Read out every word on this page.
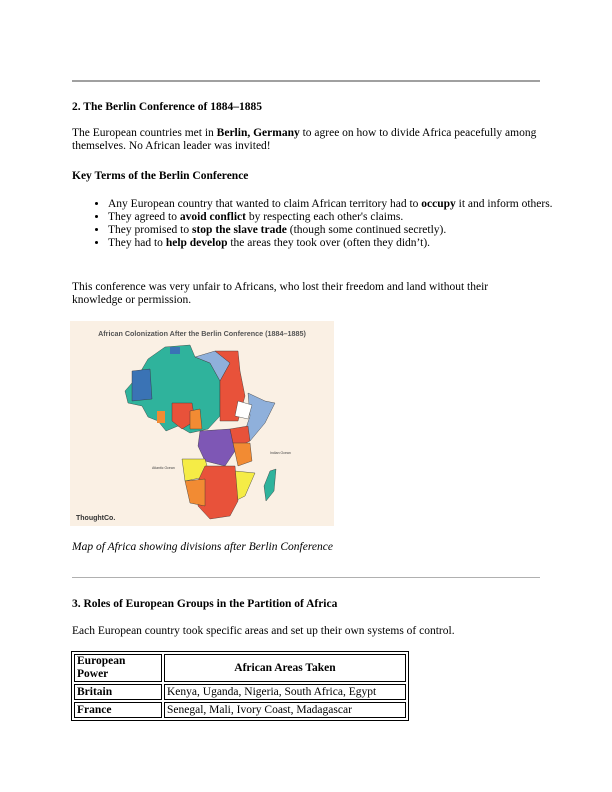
2. The Berlin Conference of 1884–1885

The European countries met in Berlin, Germany to agree on how to divide Africa peacefully among themselves. No African leader was invited!

Key Terms of the Berlin Conference
• Any European country that wanted to claim African territory had to occupy it and inform others.
• They agreed to avoid conflict by respecting each other's claims.
• They promised to stop the slave trade (though some continued secretly).
• They had to help develop the areas they took over (often they didn’t).

This conference was very unfair to Africans, who lost their freedom and land without their knowledge or permission.

African Colonization After the Berlin Conference (1884–1885)
Atlantic Ocean
Indian Ocean
ThoughtCo.

Map of Africa showing divisions after Berlin Conference

3. Roles of European Groups in the Partition of Africa

Each European country took specific areas and set up their own systems of control.

European Power	African Areas Taken
Britain	Kenya, Uganda, Nigeria, South Africa, Egypt
France	Senegal, Mali, Ivory Coast, Madagascar
